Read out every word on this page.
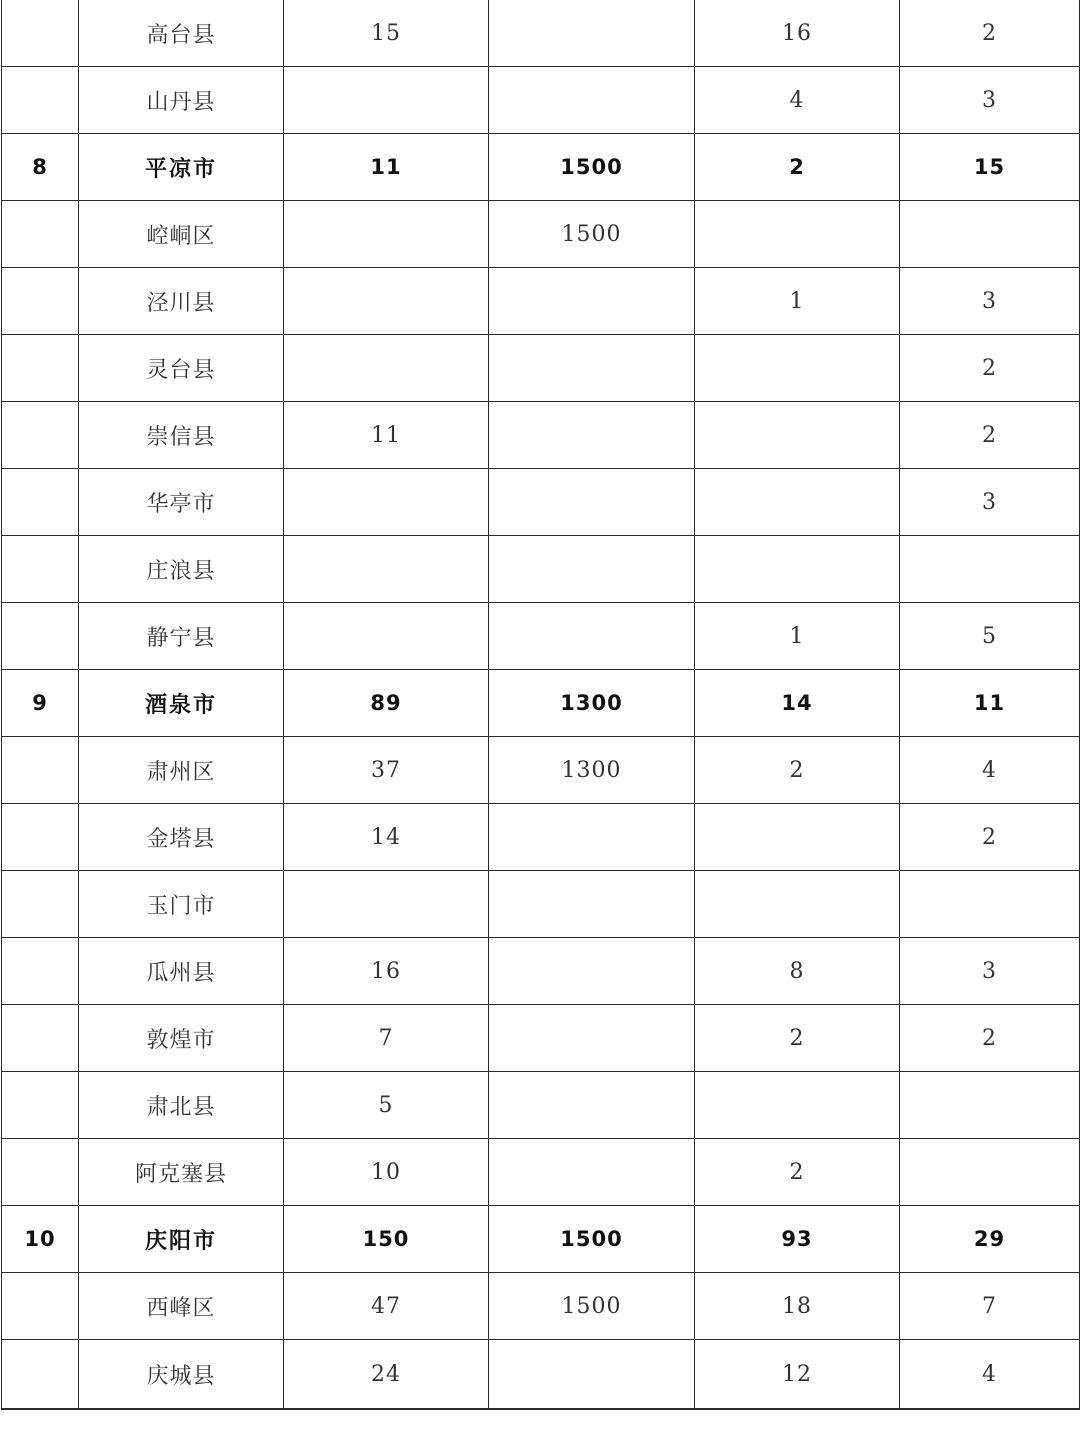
	高台县	15		16	2
	山丹县			4	3
8	平凉市	11	1500	2	15
	崆峒区		1500		
	泾川县			1	3
	灵台县				2
	崇信县	11			2
	华亭市				3
	庄浪县				
	静宁县			1	5
9	酒泉市	89	1300	14	11
	肃州区	37	1300	2	4
	金塔县	14			2
	玉门市				
	瓜州县	16		8	3
	敦煌市	7		2	2
	肃北县	5			
	阿克塞县	10		2	
10	庆阳市	150	1500	93	29
	西峰区	47	1500	18	7
	庆城县	24		12	4
